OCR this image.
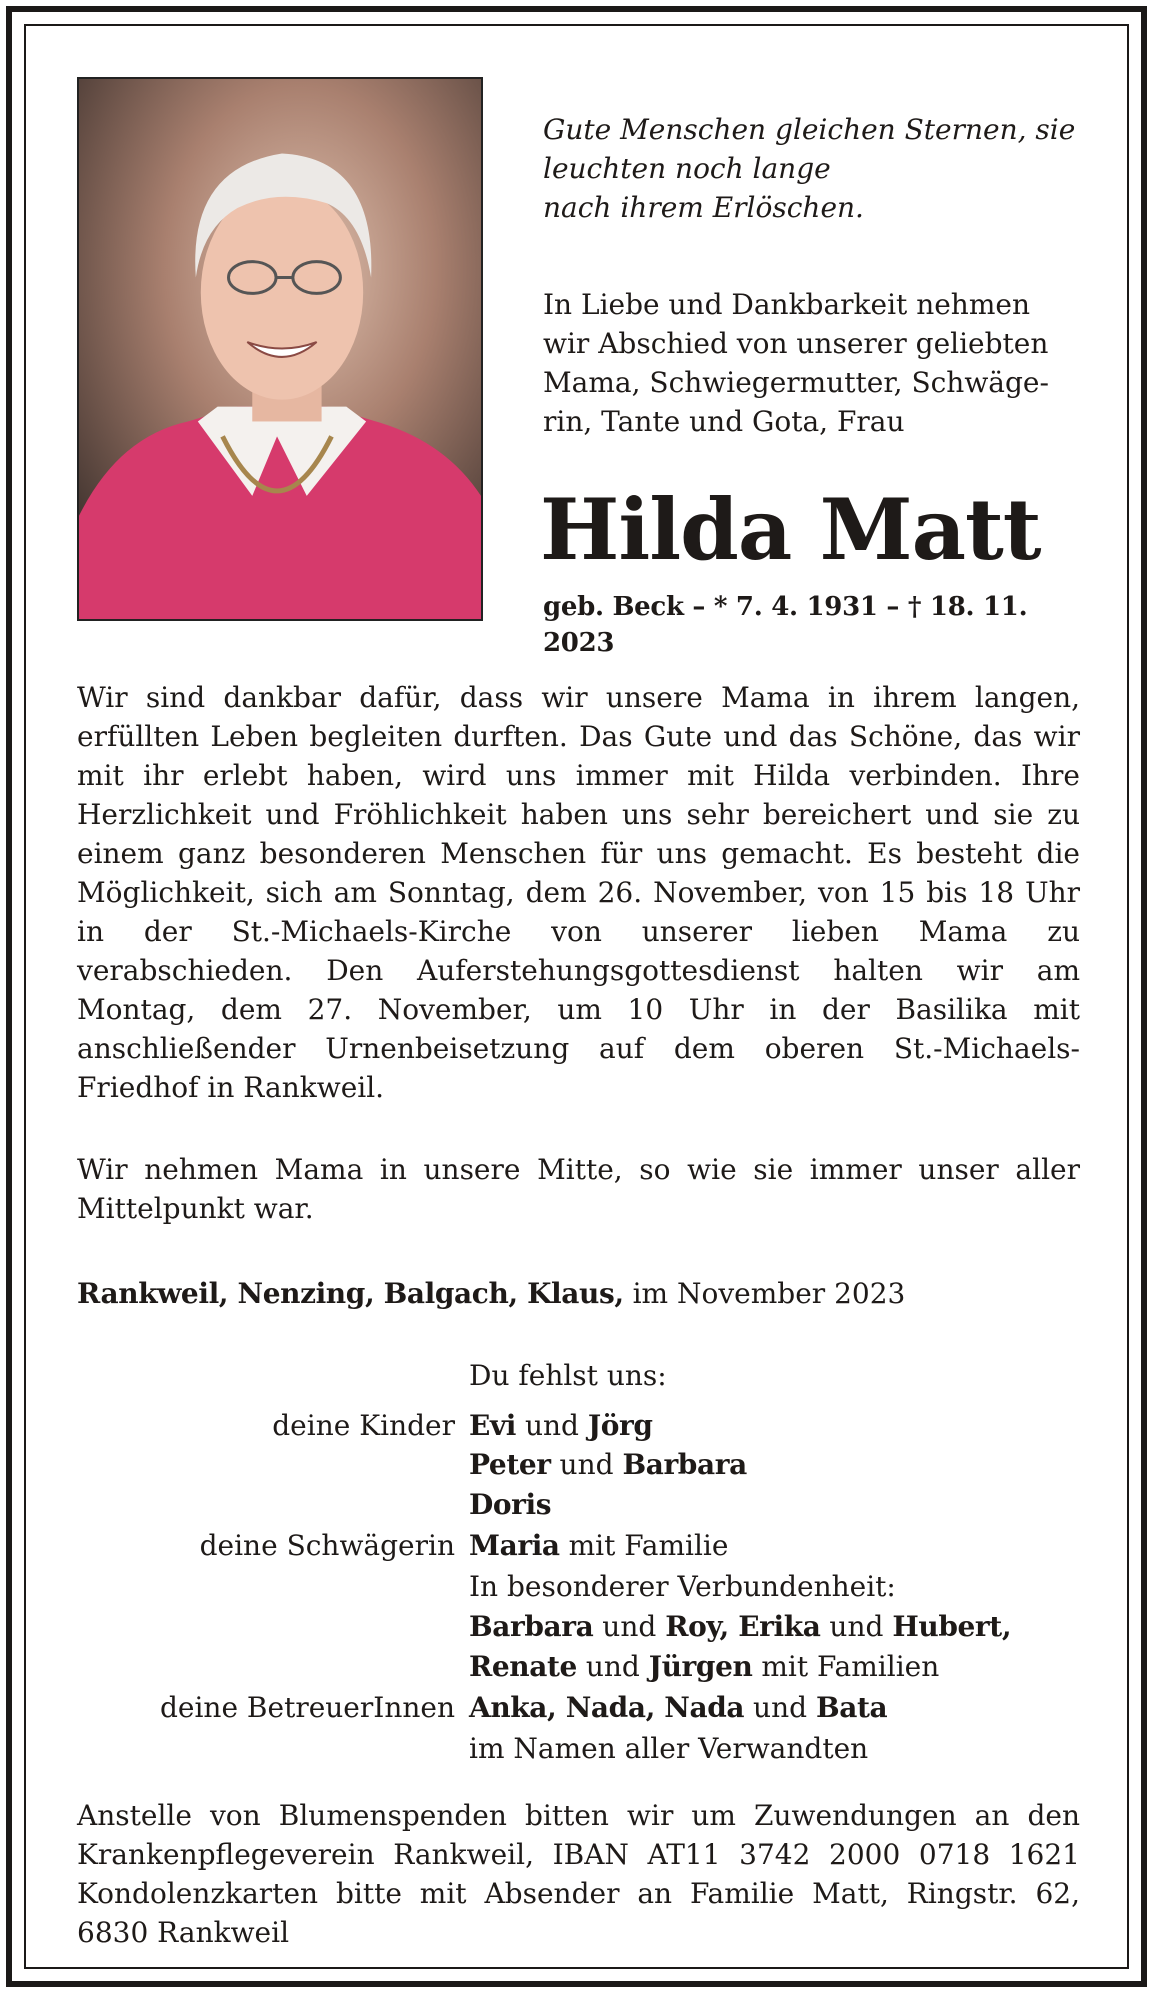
Gute Menschen gleichen Sternen, sie
leuchten noch lange
nach ihrem Erlöschen.
In Liebe und Dankbarkeit nehmen
wir Abschied von unserer geliebten
Mama, Schwiegermutter, Schwäge-
rin, Tante und Gota, Frau
Hilda Matt
geb. Beck – * 7. 4. 1931 – † 18. 11. 2023

Wir sind dankbar dafür, dass wir unsere Mama in ihrem langen, erfüllten Leben begleiten durften. Das Gute und das Schöne, das wir mit ihr erlebt haben, wird uns immer mit Hilda verbinden. Ihre Herzlichkeit und Fröhlichkeit haben uns sehr bereichert und sie zu einem ganz besonderen Menschen für uns gemacht. Es besteht die Möglichkeit, sich am Sonntag, dem 26. November, von 15 bis 18 Uhr in der St.-Michaels-Kirche von unserer lieben Mama zu verabschieden. Den Auferstehungsgottesdienst halten wir am Montag, dem 27. November, um 10 Uhr in der Basilika mit anschließender Urnenbeisetzung auf dem oberen St.-Michaels-Friedhof in Rankweil.

Wir nehmen Mama in unsere Mitte, so wie sie immer unser aller Mittelpunkt war.

Rankweil, Nenzing, Balgach, Klaus, im November 2023
Du fehlst uns:
deine Kinder Evi und Jörg
Peter und Barbara
Doris
deine Schwägerin Maria mit Familie
In besonderer Verbundenheit:
Barbara und Roy, Erika und Hubert,
Renate und Jürgen mit Familien
deine BetreuerInnen Anka, Nada, Nada und Bata
im Namen aller Verwandten
Anstelle von Blumenspenden bitten wir um Zuwendungen an den
Krankenpflegeverein Rankweil, IBAN AT11 3742 2000 0718 1621
Kondolenzkarten bitte mit Absender an Familie Matt, Ringstr. 62,
6830 Rankweil
